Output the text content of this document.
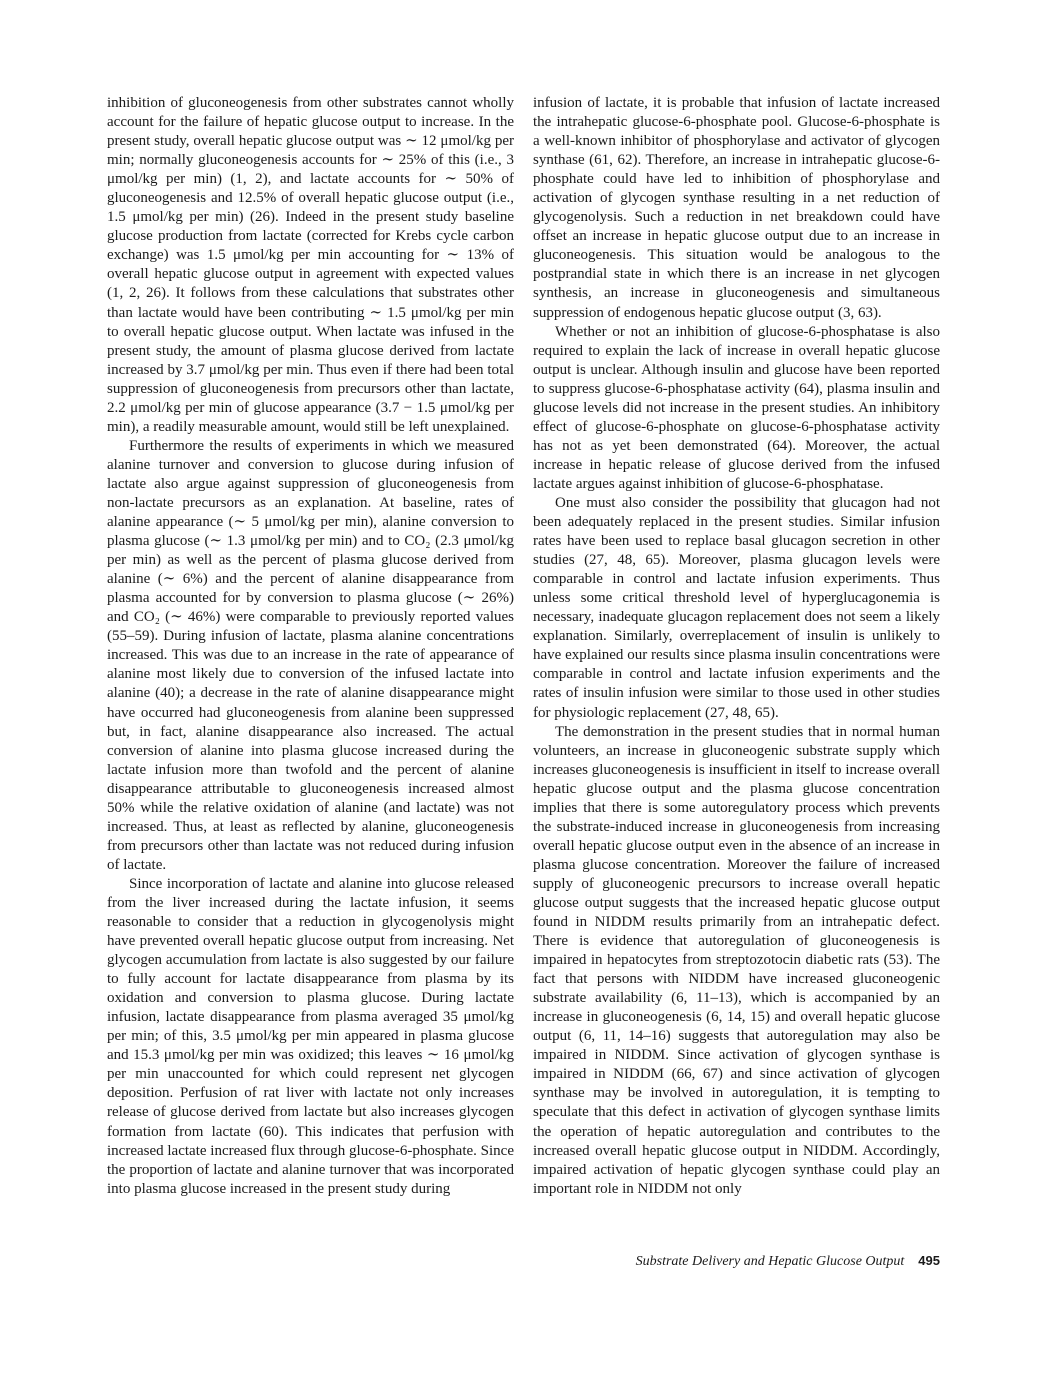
inhibition of gluconeogenesis from other substrates cannot wholly account for the failure of hepatic glucose output to increase. In the present study, overall hepatic glucose output was ∼ 12 μmol/kg per min; normally gluconeogenesis accounts for ∼ 25% of this (i.e., 3 μmol/kg per min) (1, 2), and lactate accounts for ∼ 50% of gluconeogenesis and 12.5% of overall hepatic glucose output (i.e., 1.5 μmol/kg per min) (26). Indeed in the present study baseline glucose production from lactate (corrected for Krebs cycle carbon exchange) was 1.5 μmol/kg per min accounting for ∼ 13% of overall hepatic glucose output in agreement with expected values (1, 2, 26). It follows from these calculations that substrates other than lactate would have been contributing ∼ 1.5 μmol/kg per min to overall hepatic glucose output. When lactate was infused in the present study, the amount of plasma glucose derived from lactate increased by 3.7 μmol/kg per min. Thus even if there had been total suppression of gluconeogenesis from precursors other than lactate, 2.2 μmol/kg per min of glucose appearance (3.7 − 1.5 μmol/kg per min), a readily measurable amount, would still be left unexplained.

Furthermore the results of experiments in which we measured alanine turnover and conversion to glucose during infusion of lactate also argue against suppression of gluconeogenesis from non-lactate precursors as an explanation. At baseline, rates of alanine appearance (∼ 5 μmol/kg per min), alanine conversion to plasma glucose (∼ 1.3 μmol/kg per min) and to CO₂ (2.3 μmol/kg per min) as well as the percent of plasma glucose derived from alanine (∼ 6%) and the percent of alanine disappearance from plasma accounted for by conversion to plasma glucose (∼ 26%) and CO₂ (∼ 46%) were comparable to previously reported values (55–59). During infusion of lactate, plasma alanine concentrations increased. This was due to an increase in the rate of appearance of alanine most likely due to conversion of the infused lactate into alanine (40); a decrease in the rate of alanine disappearance might have occurred had gluconeogenesis from alanine been suppressed but, in fact, alanine disappearance also increased. The actual conversion of alanine into plasma glucose increased during the lactate infusion more than twofold and the percent of alanine disappearance attributable to gluconeogenesis increased almost 50% while the relative oxidation of alanine (and lactate) was not increased. Thus, at least as reflected by alanine, gluconeogenesis from precursors other than lactate was not reduced during infusion of lactate.

Since incorporation of lactate and alanine into glucose released from the liver increased during the lactate infusion, it seems reasonable to consider that a reduction in glycogenolysis might have prevented overall hepatic glucose output from increasing. Net glycogen accumulation from lactate is also suggested by our failure to fully account for lactate disappearance from plasma by its oxidation and conversion to plasma glucose. During lactate infusion, lactate disappearance from plasma averaged 35 μmol/kg per min; of this, 3.5 μmol/kg per min appeared in plasma glucose and 15.3 μmol/kg per min was oxidized; this leaves ∼ 16 μmol/kg per min unaccounted for which could represent net glycogen deposition. Perfusion of rat liver with lactate not only increases release of glucose derived from lactate but also increases glycogen formation from lactate (60). This indicates that perfusion with increased lactate increased flux through glucose-6-phosphate. Since the proportion of lactate and alanine turnover that was incorporated into plasma glucose increased in the present study during

infusion of lactate, it is probable that infusion of lactate increased the intrahepatic glucose-6-phosphate pool. Glucose-6-phosphate is a well-known inhibitor of phosphorylase and activator of glycogen synthase (61, 62). Therefore, an increase in intrahepatic glucose-6-phosphate could have led to inhibition of phosphorylase and activation of glycogen synthase resulting in a net reduction of glycogenolysis. Such a reduction in net breakdown could have offset an increase in hepatic glucose output due to an increase in gluconeogenesis. This situation would be analogous to the postprandial state in which there is an increase in net glycogen synthesis, an increase in gluconeogenesis and simultaneous suppression of endogenous hepatic glucose output (3, 63).

Whether or not an inhibition of glucose-6-phosphatase is also required to explain the lack of increase in overall hepatic glucose output is unclear. Although insulin and glucose have been reported to suppress glucose-6-phosphatase activity (64), plasma insulin and glucose levels did not increase in the present studies. An inhibitory effect of glucose-6-phosphate on glucose-6-phosphatase activity has not as yet been demonstrated (64). Moreover, the actual increase in hepatic release of glucose derived from the infused lactate argues against inhibition of glucose-6-phosphatase.

One must also consider the possibility that glucagon had not been adequately replaced in the present studies. Similar infusion rates have been used to replace basal glucagon secretion in other studies (27, 48, 65). Moreover, plasma glucagon levels were comparable in control and lactate infusion experiments. Thus unless some critical threshold level of hyperglucagonemia is necessary, inadequate glucagon replacement does not seem a likely explanation. Similarly, overreplacement of insulin is unlikely to have explained our results since plasma insulin concentrations were comparable in control and lactate infusion experiments and the rates of insulin infusion were similar to those used in other studies for physiologic replacement (27, 48, 65).

The demonstration in the present studies that in normal human volunteers, an increase in gluconeogenic substrate supply which increases gluconeogenesis is insufficient in itself to increase overall hepatic glucose output and the plasma glucose concentration implies that there is some autoregulatory process which prevents the substrate-induced increase in gluconeogenesis from increasing overall hepatic glucose output even in the absence of an increase in plasma glucose concentration. Moreover the failure of increased supply of gluconeogenic precursors to increase overall hepatic glucose output suggests that the increased hepatic glucose output found in NIDDM results primarily from an intrahepatic defect. There is evidence that autoregulation of gluconeogenesis is impaired in hepatocytes from streptozotocin diabetic rats (53). The fact that persons with NIDDM have increased gluconeogenic substrate availability (6, 11–13), which is accompanied by an increase in gluconeogenesis (6, 14, 15) and overall hepatic glucose output (6, 11, 14–16) suggests that autoregulation may also be impaired in NIDDM. Since activation of glycogen synthase is impaired in NIDDM (66, 67) and since activation of glycogen synthase may be involved in autoregulation, it is tempting to speculate that this defect in activation of glycogen synthase limits the operation of hepatic autoregulation and contributes to the increased overall hepatic glucose output in NIDDM. Accordingly, impaired activation of hepatic glycogen synthase could play an important role in NIDDM not only

Substrate Delivery and Hepatic Glucose Output 495
